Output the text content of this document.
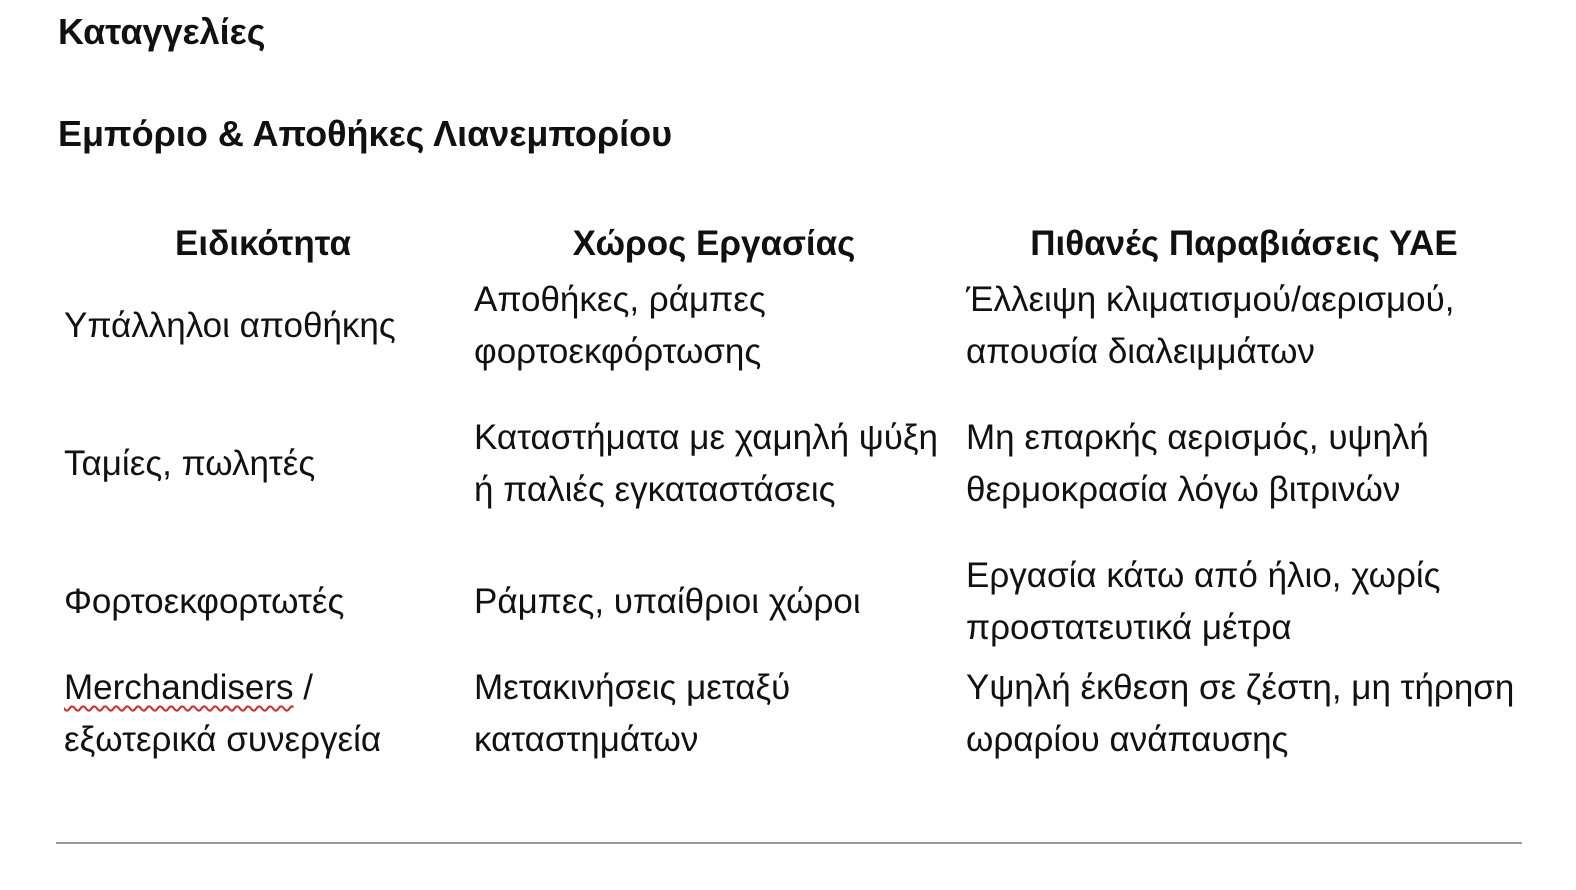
Καταγγελίες
Εμπόριο & Αποθήκες Λιανεμπορίου
Ειδικότητα	Χώρος Εργασίας	Πιθανές Παραβιάσεις ΥΑΕ
Υπάλληλοι αποθήκης	Αποθήκες, ράμπες φορτοεκφόρτωσης	Έλλειψη κλιματισμού/αερισμού, απουσία διαλειμμάτων
Ταμίες, πωλητές	Καταστήματα με χαμηλή ψύξη ή παλιές εγκαταστάσεις	Μη επαρκής αερισμός, υψηλή θερμοκρασία λόγω βιτρινών
Φορτοεκφορτωτές	Ράμπες, υπαίθριοι χώροι	Εργασία κάτω από ήλιο, χωρίς προστατευτικά μέτρα
Merchandisers / εξωτερικά συνεργεία	Μετακινήσεις μεταξύ καταστημάτων	Υψηλή έκθεση σε ζέστη, μη τήρηση ωραρίου ανάπαυσης
